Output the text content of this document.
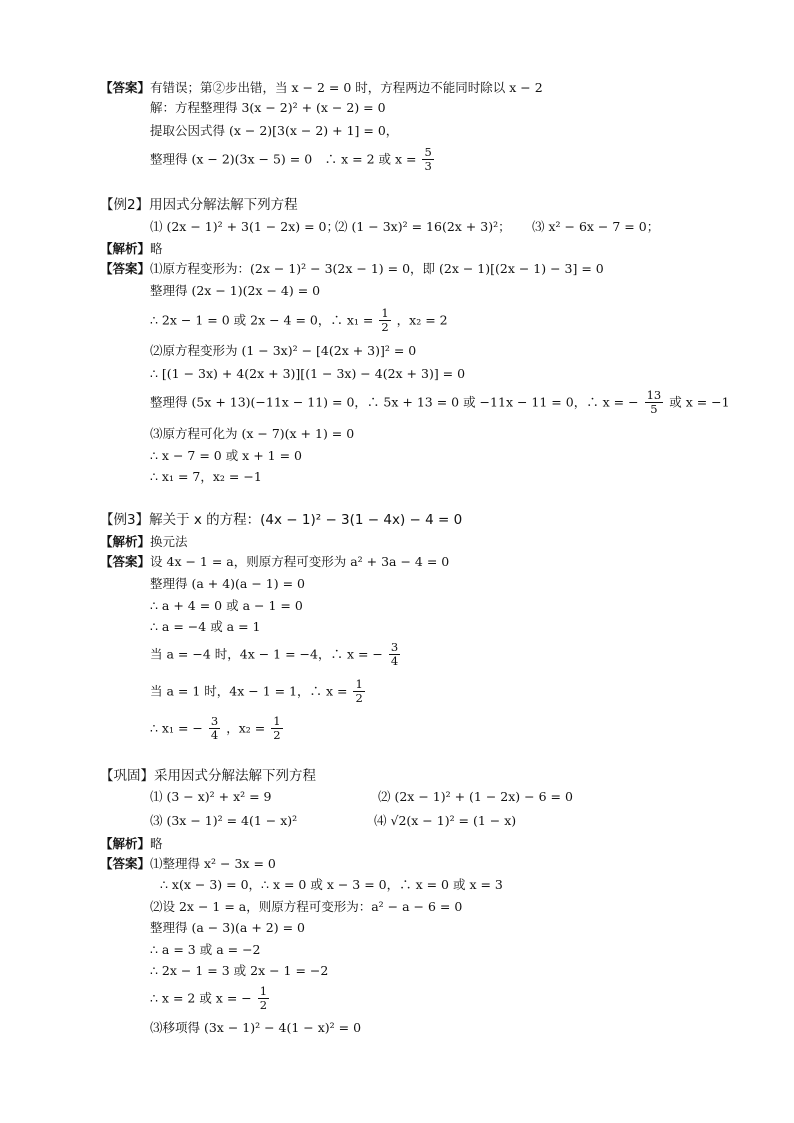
【答案】有错误；第②步出错，当 x − 2 = 0 时，方程两边不能同时除以 x − 2
解：方程整理得 3(x − 2)² + (x − 2) = 0
提取公因式得 (x − 2)[3(x − 2) + 1] = 0，
整理得 (x − 2)(3x − 5) = 0　∴ x = 2 或 $x = \frac{5}{3}$
【例2】用因式分解法解下列方程
⑴ (2x − 1)² + 3(1 − 2x) = 0；
⑵ (1 − 3x)² = 16(2x + 3)²； ⑶ x² − 6x − 7 = 0；
【解析】略
【答案】⑴原方程变形为：(2x − 1)² − 3(2x − 1) = 0，即 (2x − 1)[(2x − 1) − 3] = 0
整理得 (2x − 1)(2x − 4) = 0
∴ 2x − 1 = 0 或 2x − 4 = 0，∴ $x_1 = \frac{1}{2}$ ，x₂ = 2
⑵原方程变形为 (1 − 3x)² − [4(2x + 3)]² = 0
∴ [(1 − 3x) + 4(2x + 3)][(1 − 3x) − 4(2x + 3)] = 0
整理得 (5x + 13)(−11x − 11) = 0，∴ 5x + 13 = 0 或 −11x − 11 = 0，∴ x = − $\frac{13}{5}$ 或 x = −1
⑶原方程可化为 (x − 7)(x + 1) = 0
∴ x − 7 = 0 或 x + 1 = 0
∴ x₁ = 7，x₂ = −1
【例3】解关于 x 的方程：(4x − 1)² − 3(1 − 4x) − 4 = 0
【解析】换元法
【答案】设 4x − 1 = a，则原方程可变形为 a² + 3a − 4 = 0
整理得 (a + 4)(a − 1) = 0
∴ a + 4 = 0 或 a − 1 = 0
∴ a = −4 或 a = 1
当 a = −4 时，4x − 1 = −4，∴ x = − $\frac{3}{4}$
当 a = 1 时，4x − 1 = 1，∴ $x = \frac{1}{2}$
∴ x₁ = − $\frac{3}{4}$ ，$x_2 = \frac{1}{2}$
【巩固】采用因式分解法解下列方程
⑴ (3 − x)² + x² = 9	⑵ (2x − 1)² + (1 − 2x) − 6 = 0
⑶ (3x − 1)² = 4(1 − x)²	⑷ √2(x − 1)² = (1 − x)
【解析】略
【答案】⑴整理得 x² − 3x = 0
∴ x(x − 3) = 0，∴ x = 0 或 x − 3 = 0，∴ x = 0 或 x = 3
⑵设 2x − 1 = a，则原方程可变形为：a² − a − 6 = 0
整理得 (a − 3)(a + 2) = 0
∴ a = 3 或 a = −2
∴ 2x − 1 = 3 或 2x − 1 = −2
∴ x = 2 或 x = − $\frac{1}{2}$
⑶移项得 (3x − 1)² − 4(1 − x)² = 0
